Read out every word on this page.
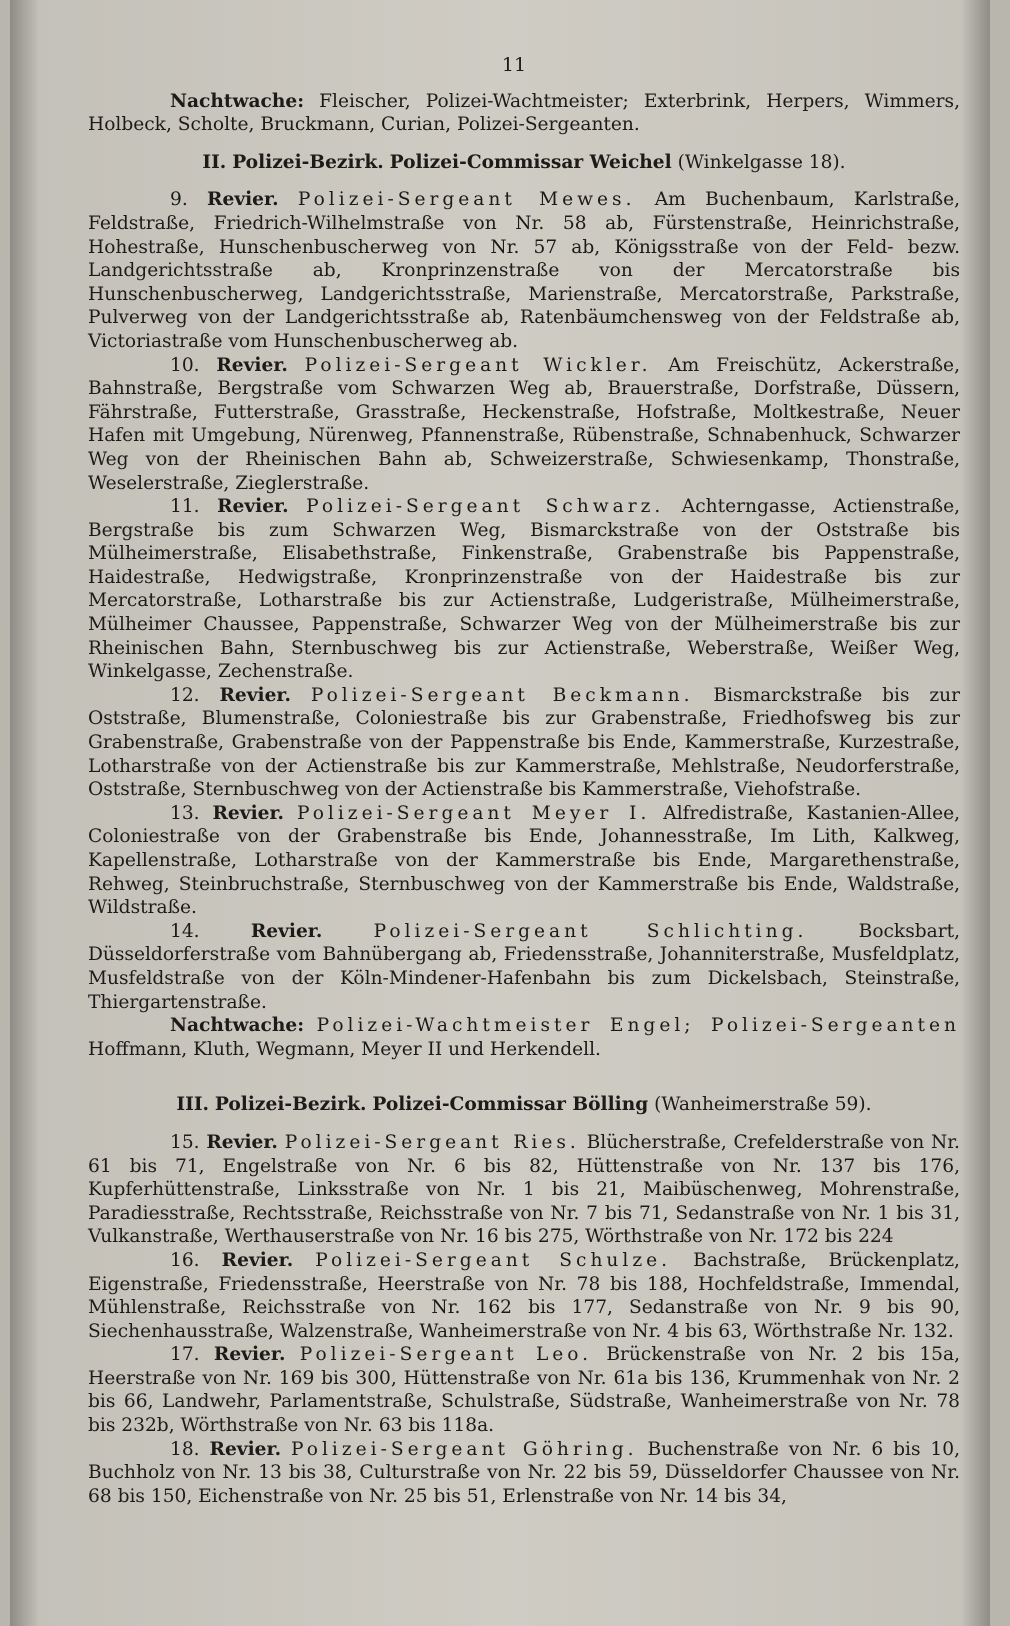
11

Nachtwache: Fleischer, Polizei-Wachtmeister; Exterbrink, Herpers, Wimmers, Holbeck, Scholte, Bruckmann, Curian, Polizei-Sergeanten.

II. Polizei-Bezirk. Polizei-Commissar Weichel (Winkelgasse 18).

9. Revier. Polizei-Sergeant Mewes. Am Buchenbaum, Karlstraße, Feldstraße, Friedrich-Wilhelmstraße von Nr. 58 ab, Fürstenstraße, Heinrichstraße, Hohestraße, Hunschenbuscherweg von Nr. 57 ab, Königsstraße von der Feld- bezw. Landgerichtsstraße ab, Kronprinzenstraße von der Mercatorstraße bis Hunschenbuscherweg, Landgerichtsstraße, Marienstraße, Mercatorstraße, Parkstraße, Pulverweg von der Landgerichtsstraße ab, Ratenbäumchensweg von der Feldstraße ab, Victoriastraße vom Hunschenbuscherweg ab.

10. Revier. Polizei-Sergeant Wickler. Am Freischütz, Ackerstraße, Bahnstraße, Bergstraße vom Schwarzen Weg ab, Brauerstraße, Dorfstraße, Düssern, Fährstraße, Futterstraße, Grasstraße, Heckenstraße, Hofstraße, Moltkestraße, Neuer Hafen mit Umgebung, Nürenweg, Pfannenstraße, Rübenstraße, Schnabenhuck, Schwarzer Weg von der Rheinischen Bahn ab, Schweizerstraße, Schwiesenkamp, Thonstraße, Weselerstraße, Zieglerstraße.

11. Revier. Polizei-Sergeant Schwarz. Achterngasse, Actienstraße, Bergstraße bis zum Schwarzen Weg, Bismarckstraße von der Oststraße bis Mülheimerstraße, Elisabethstraße, Finkenstraße, Grabenstraße bis Pappenstraße, Haidestraße, Hedwigstraße, Kronprinzenstraße von der Haidestraße bis zur Mercatorstraße, Lotharstraße bis zur Actienstraße, Ludgeristraße, Mülheimerstraße, Mülheimer Chaussee, Pappenstraße, Schwarzer Weg von der Mülheimerstraße bis zur Rheinischen Bahn, Sternbuschweg bis zur Actienstraße, Weberstraße, Weißer Weg, Winkelgasse, Zechenstraße.

12. Revier. Polizei-Sergeant Beckmann. Bismarckstraße bis zur Oststraße, Blumenstraße, Coloniestraße bis zur Grabenstraße, Friedhofsweg bis zur Grabenstraße, Grabenstraße von der Pappenstraße bis Ende, Kammerstraße, Kurzestraße, Lotharstraße von der Actienstraße bis zur Kammerstraße, Mehlstraße, Neudorferstraße, Oststraße, Sternbuschweg von der Actienstraße bis Kammerstraße, Viehofstraße.

13. Revier. Polizei-Sergeant Meyer I. Alfredistraße, Kastanien-Allee, Coloniestraße von der Grabenstraße bis Ende, Johannesstraße, Im Lith, Kalkweg, Kapellenstraße, Lotharstraße von der Kammerstraße bis Ende, Margarethenstraße, Rehweg, Steinbruchstraße, Sternbuschweg von der Kammerstraße bis Ende, Waldstraße, Wildstraße.

14.	Revier.	Polizei-Sergeant Schlichting. Bocksbart, Düsseldorferstraße vom Bahnübergang ab, Friedensstraße, Johanniterstraße, Musfeldplatz, Musfeldstraße von der Köln-Mindener-Hafenbahn bis zum Dickelsbach, Steinstraße, Thiergartenstraße.

Nachtwache: Polizei-Wachtmeister Engel; Polizei-Sergeanten Hoffmann, Kluth, Wegmann, Meyer II und Herkendell.

III. Polizei-Bezirk. Polizei-Commissar Bölling (Wanheimerstraße 59).

15. Revier. Polizei-Sergeant Ries. Blücherstraße, Crefelderstraße von Nr. 61 bis 71, Engelstraße von Nr. 6 bis 82, Hüttenstraße von Nr. 137 bis 176, Kupferhüttenstraße, Linksstraße von Nr. 1 bis 21, Maibüschenweg, Mohrenstraße, Paradiesstraße, Rechtsstraße, Reichsstraße von Nr. 7 bis 71, Sedanstraße von Nr. 1 bis 31, Vulkanstraße, Werthauserstraße von Nr. 16 bis 275, Wörthstraße von Nr. 172 bis 224

16. Revier. Polizei-Sergeant Schulze. Bachstraße, Brückenplatz, Eigenstraße, Friedensstraße, Heerstraße von Nr. 78 bis 188, Hochfeldstraße, Immendal, Mühlenstraße, Reichsstraße von Nr. 162 bis 177, Sedanstraße von Nr. 9 bis 90, Siechenhausstraße, Walzenstraße, Wanheimerstraße von Nr. 4 bis 63, Wörthstraße Nr. 132.

17. Revier. Polizei-Sergeant Leo. Brückenstraße von Nr. 2 bis 15a, Heerstraße von Nr. 169 bis 300, Hüttenstraße von Nr. 61a bis 136, Krummenhak von Nr. 2 bis 66, Landwehr, Parlamentstraße, Schulstraße, Südstraße, Wanheimerstraße von Nr. 78 bis 232b, Wörthstraße von Nr. 63 bis 118a.

18. Revier. Polizei-Sergeant Göhring. Buchenstraße von Nr. 6 bis 10, Buchholz von Nr. 13 bis 38, Culturstraße von Nr. 22 bis 59, Düsseldorfer Chaussee von Nr. 68 bis 150, Eichenstraße von Nr. 25 bis 51, Erlenstraße von Nr. 14 bis 34,
